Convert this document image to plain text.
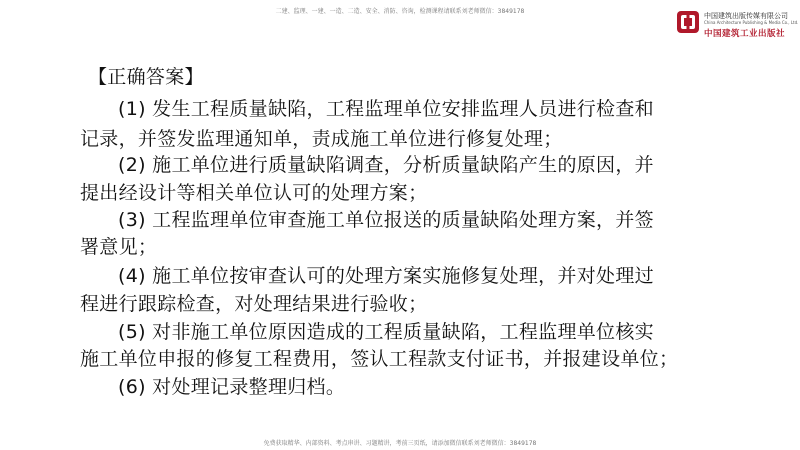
二建、监理、一建、一造、二造、安全、消防、咨询，检测课程请联系刘老师微信：3849178
中国建筑出版传媒有限公司
China Architecture Publishing & Media Co., Ltd.
中国建筑工业出版社
【正确答案】
(1) 发生工程质量缺陷，工程监理单位安排监理人员进行检查和
记录，并签发监理通知单，责成施工单位进行修复处理；
(2) 施工单位进行质量缺陷调查，分析质量缺陷产生的原因，并
提出经设计等相关单位认可的处理方案；
(3) 工程监理单位审查施工单位报送的质量缺陷处理方案，并签
署意见；
(4) 施工单位按审查认可的处理方案实施修复处理，并对处理过
程进行跟踪检查，对处理结果进行验收；
(5) 对非施工单位原因造成的工程质量缺陷，工程监理单位核实
施工单位申报的修复工程费用，签认工程款支付证书，并报建设单位；
(6) 对处理记录整理归档。
免费获取精华、内部资料、考点串讲、习题精讲，考前三页纸，请添加微信联系刘老师微信：3849178
